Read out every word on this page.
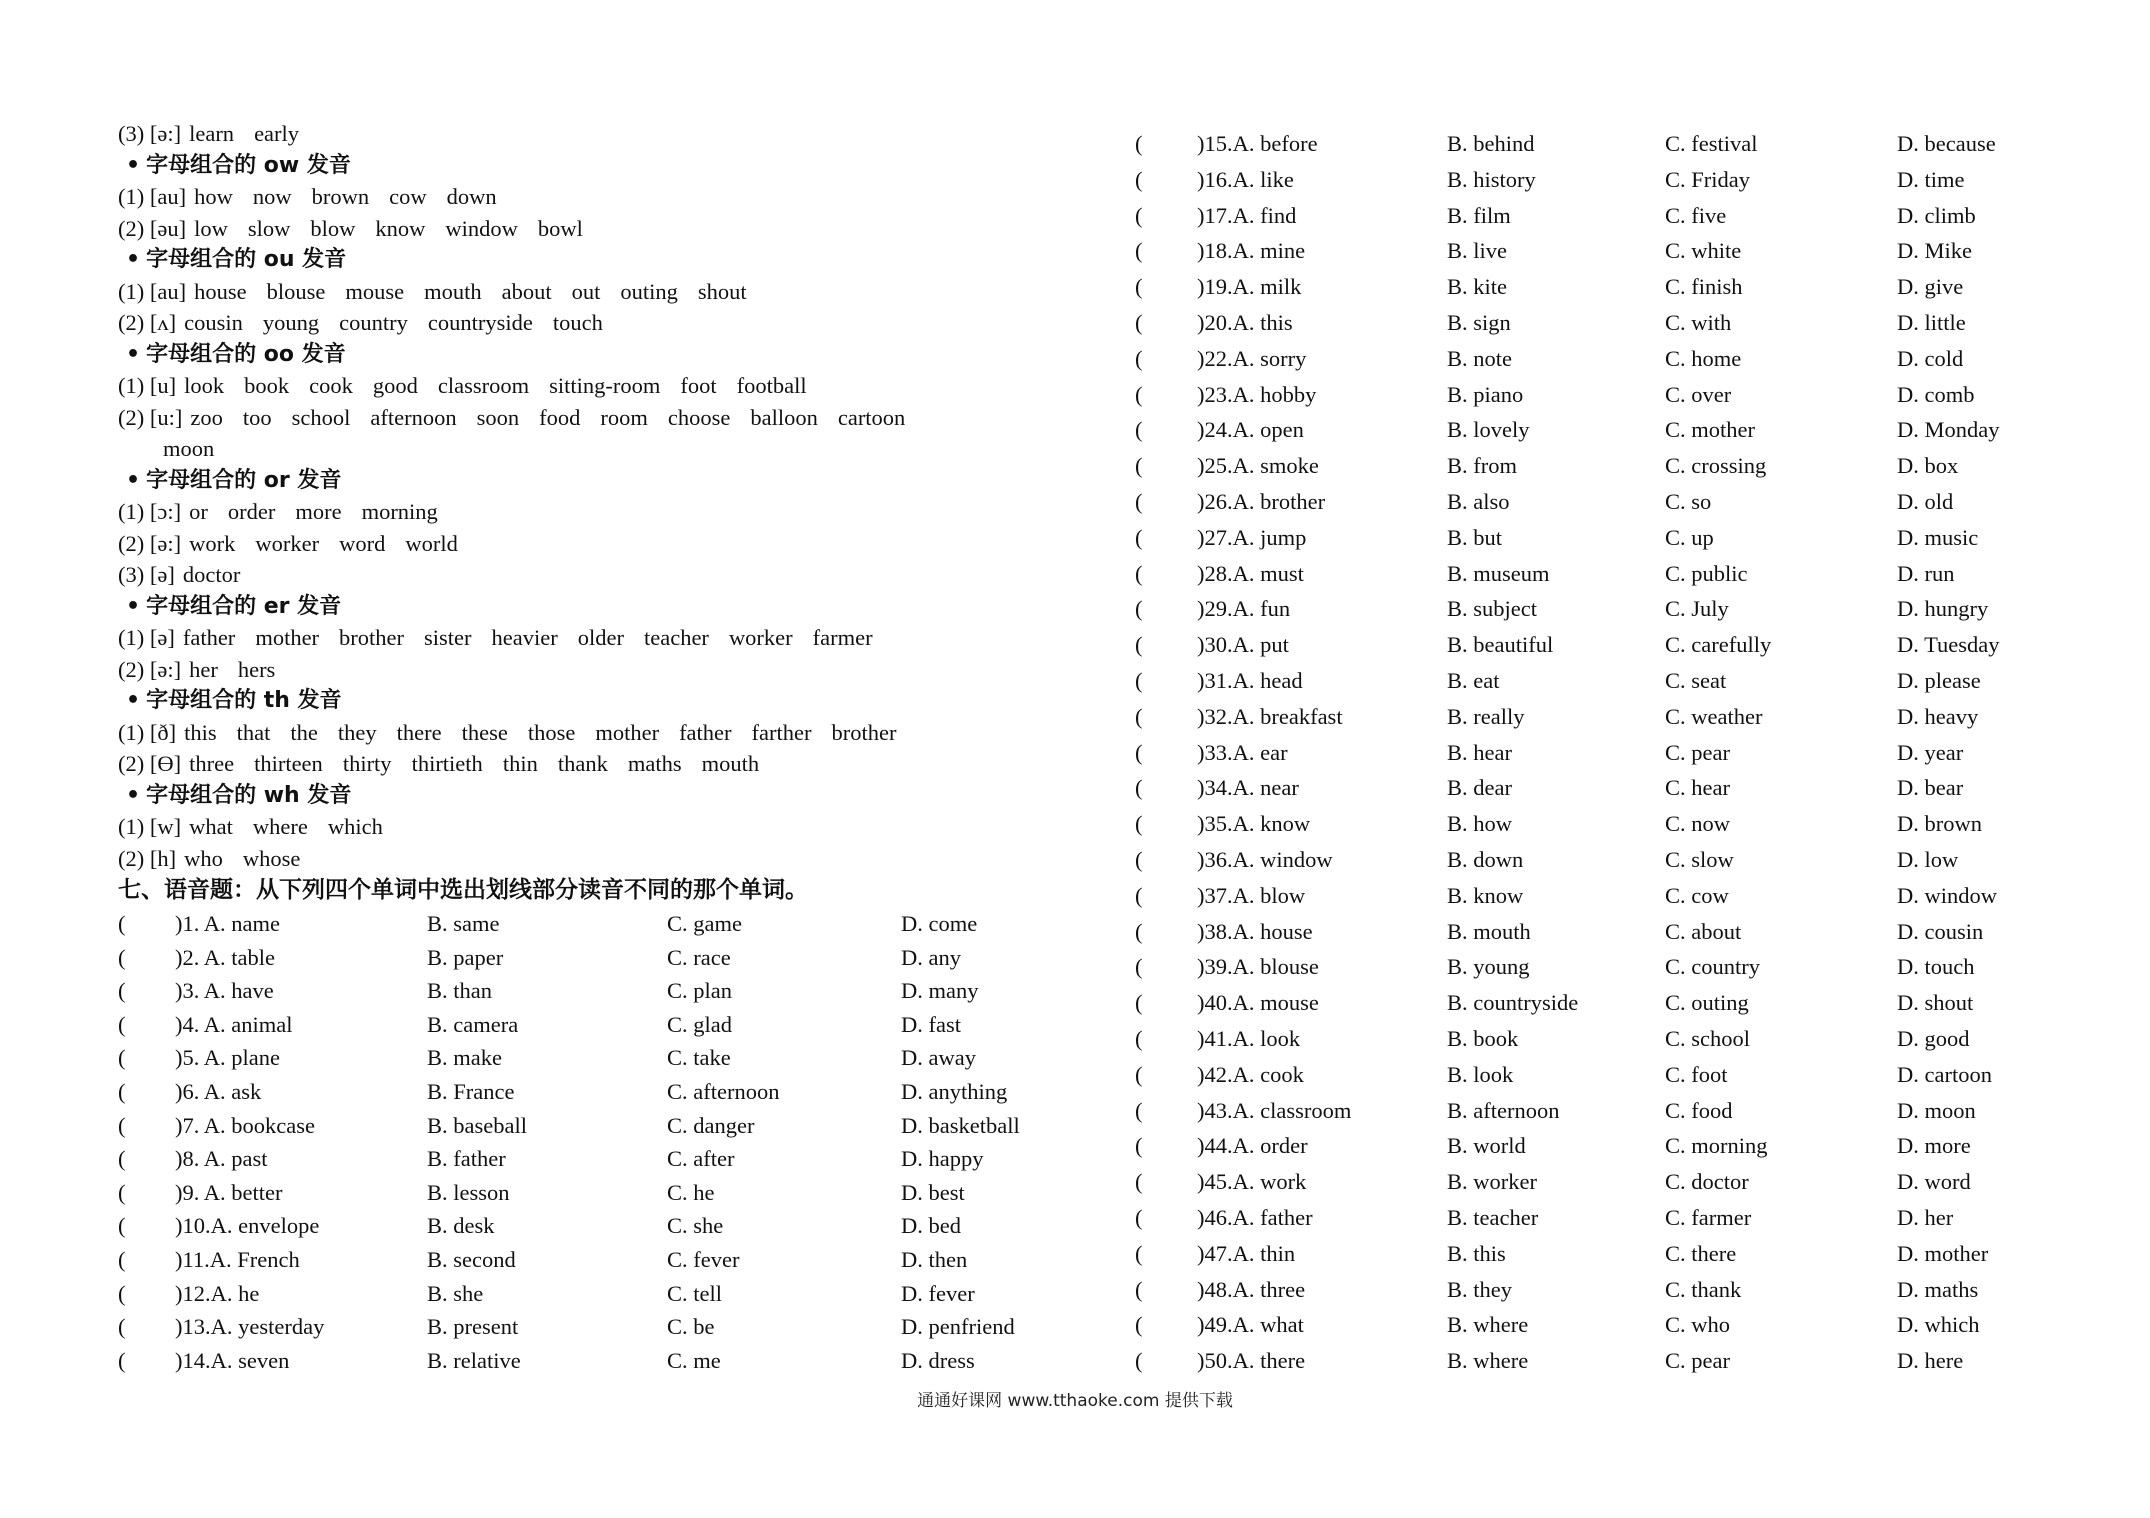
(3) [ə:] learn early
• 字母组合的 ow 发音
(1) [au] how now brown cow down
(2) [əu] low slow blow know window bowl
• 字母组合的 ou 发音
(1) [au] house blouse mouse mouth about out outing shout
(2) [ʌ] cousin young country countryside touch
• 字母组合的 oo 发音
(1) [u] look book cook good classroom sitting-room foot football
(2) [u:] zoo too school afternoon soon food room choose balloon cartoon
moon
• 字母组合的 or 发音
(1) [ɔ:] or order more morning
(2) [ə:] work worker word world
(3) [ə] doctor
• 字母组合的 er 发音
(1) [ə] father mother brother sister heavier older teacher worker farmer
(2) [ə:] her hers
• 字母组合的 th 发音
(1) [ð] this that the they there these those mother father farther brother
(2) [Ɵ] three thirteen thirty thirtieth thin thank maths mouth
• 字母组合的 wh 发音
(1) [w] what where which
(2) [h] who whose
七、语音题：从下列四个单词中选出划线部分读音不同的那个单词。
(	)1. A. name	B. same	C. game	D. come
(	)2. A. table	B. paper	C. race	D. any
(	)3. A. have	B. than	C. plan	D. many
(	)4. A. animal	B. camera	C. glad	D. fast
(	)5. A. plane	B. make	C. take	D. away
(	)6. A. ask	B. France	C. afternoon	D. anything
(	)7. A. bookcase	B. baseball	C. danger	D. basketball
(	)8. A. past	B. father	C. after	D. happy
(	)9. A. better	B. lesson	C. he	D. best
(	)10.A. envelope	B. desk	C. she	D. bed
(	)11.A. French	B. second	C. fever	D. then
(	)12.A. he	B. she	C. tell	D. fever
(	)13.A. yesterday	B. present	C. be	D. penfriend
(	)14.A. seven	B. relative	C. me	D. dress
(	)15.A. before	B. behind	C. festival	D. because
(	)16.A. like	B. history	C. Friday	D. time
(	)17.A. find	B. film	C. five	D. climb
(	)18.A. mine	B. live	C. white	D. Mike
(	)19.A. milk	B. kite	C. finish	D. give
(	)20.A. this	B. sign	C. with	D. little
(	)22.A. sorry	B. note	C. home	D. cold
(	)23.A. hobby	B. piano	C. over	D. comb
(	)24.A. open	B. lovely	C. mother	D. Monday
(	)25.A. smoke	B. from	C. crossing	D. box
(	)26.A. brother	B. also	C. so	D. old
(	)27.A. jump	B. but	C. up	D. music
(	)28.A. must	B. museum	C. public	D. run
(	)29.A. fun	B. subject	C. July	D. hungry
(	)30.A. put	B. beautiful	C. carefully	D. Tuesday
(	)31.A. head	B. eat	C. seat	D. please
(	)32.A. breakfast	B. really	C. weather	D. heavy
(	)33.A. ear	B. hear	C. pear	D. year
(	)34.A. near	B. dear	C. hear	D. bear
(	)35.A. know	B. how	C. now	D. brown
(	)36.A. window	B. down	C. slow	D. low
(	)37.A. blow	B. know	C. cow	D. window
(	)38.A. house	B. mouth	C. about	D. cousin
(	)39.A. blouse	B. young	C. country	D. touch
(	)40.A. mouse	B. countryside	C. outing	D. shout
(	)41.A. look	B. book	C. school	D. good
(	)42.A. cook	B. look	C. foot	D. cartoon
(	)43.A. classroom	B. afternoon	C. food	D. moon
(	)44.A. order	B. world	C. morning	D. more
(	)45.A. work	B. worker	C. doctor	D. word
(	)46.A. father	B. teacher	C. farmer	D. her
(	)47.A. thin	B. this	C. there	D. mother
(	)48.A. three	B. they	C. thank	D. maths
(	)49.A. what	B. where	C. who	D. which
(	)50.A. there	B. where	C. pear	D. here
通通好课网 www.tthaoke.com 提供下载
